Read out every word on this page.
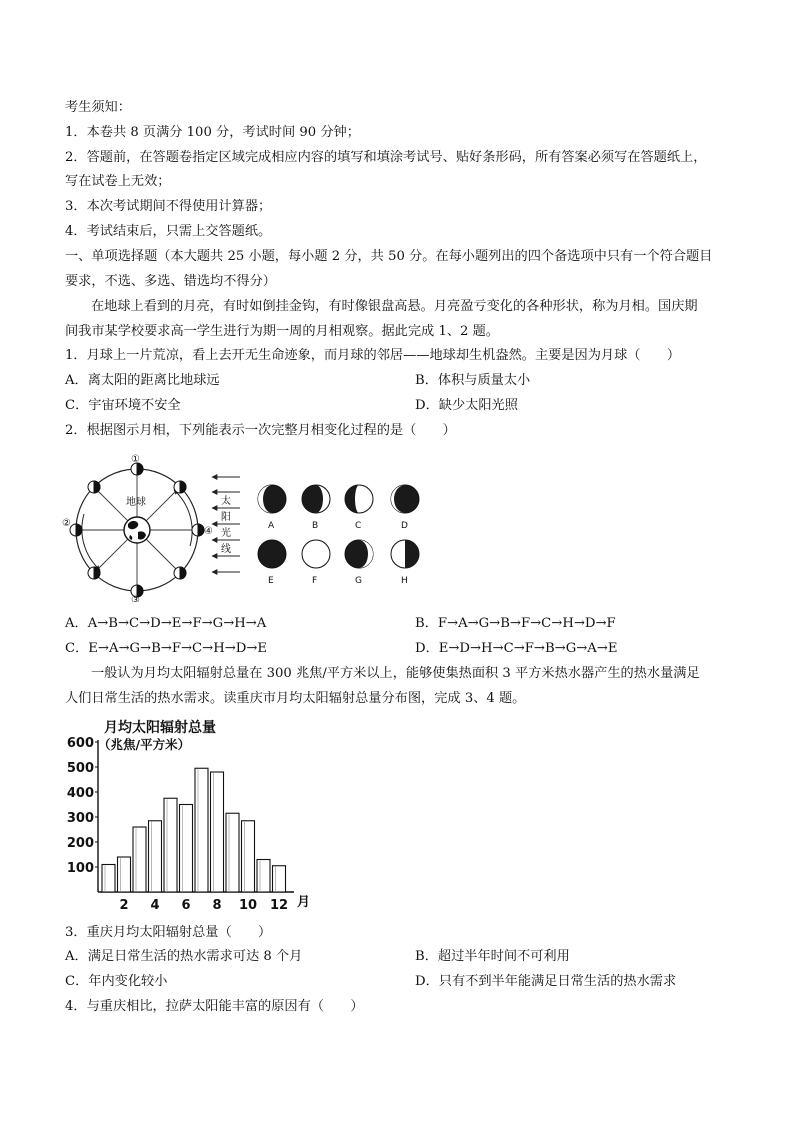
考生须知：
1．本卷共 8 页满分 100 分，考试时间 90 分钟；
2．答题前，在答题卷指定区域完成相应内容的填写和填涂考试号、贴好条形码，所有答案必须写在答题纸上，
写在试卷上无效；
3．本次考试期间不得使用计算器；
4．考试结束后，只需上交答题纸。
一、单项选择题（本大题共 25 小题，每小题 2 分，共 50 分。在每小题列出的四个备选项中只有一个符合题目
要求，不选、多选、错选均不得分）
在地球上看到的月亮，有时如倒挂金钩，有时像银盘高悬。月亮盈亏变化的各种形状，称为月相。国庆期
间我市某学校要求高一学生进行为期一周的月相观察。据此完成 1、2 题。
1．月球上一片荒凉，看上去开无生命迹象，而月球的邻居——地球却生机盎然。主要是因为月球（　　）
A．离太阳的距离比地球远	B．体积与质量太小
C．宇宙环境不安全	D．缺少太阳光照
2．根据图示月相，下列能表示一次完整月相变化过程的是（　　）
地球
①
②
③
④
太
阳
光
线
A	B	C	D
E	F	G	H
A．A→B→C→D→E→F→G→H→A	B．F→A→G→B→F→C→H→D→F
C．E→A→G→B→F→C→H→D→E	D．E→D→H→C→F→B→G→A→E
一般认为月均太阳辐射总量在 300 兆焦/平方米以上，能够使集热面积 3 平方米热水器产生的热水量满足
人们日常生活的热水需求。读重庆市月均太阳辐射总量分布图，完成 3、4 题。
月均太阳辐射总量
（兆焦/平方米）
100
200
300
400
500
600
2 4 6 8 10 12 月
3．重庆月均太阳辐射总量（　　）
A．满足日常生活的热水需求可达 8 个月	B．超过半年时间不可利用
C．年内变化较小	D．只有不到半年能满足日常生活的热水需求
4．与重庆相比，拉萨太阳能丰富的原因有（　　）
